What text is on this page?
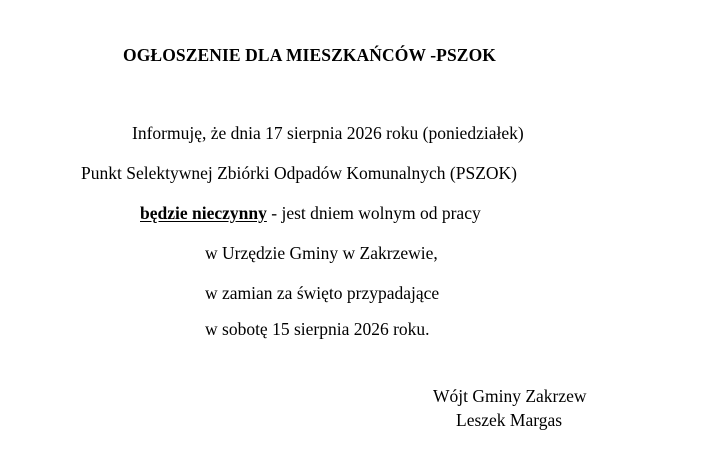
OGŁOSZENIE DLA MIESZKAŃCÓW -PSZOK
Informuję, że dnia 17 sierpnia 2026 roku (poniedziałek)
Punkt Selektywnej Zbiórki Odpadów Komunalnych (PSZOK)
będzie nieczynny - jest dniem wolnym od pracy
w Urzędzie Gminy w Zakrzewie,
w zamian za święto przypadające
w sobotę 15 sierpnia 2026 roku.
Wójt Gminy Zakrzew
Leszek Margas
